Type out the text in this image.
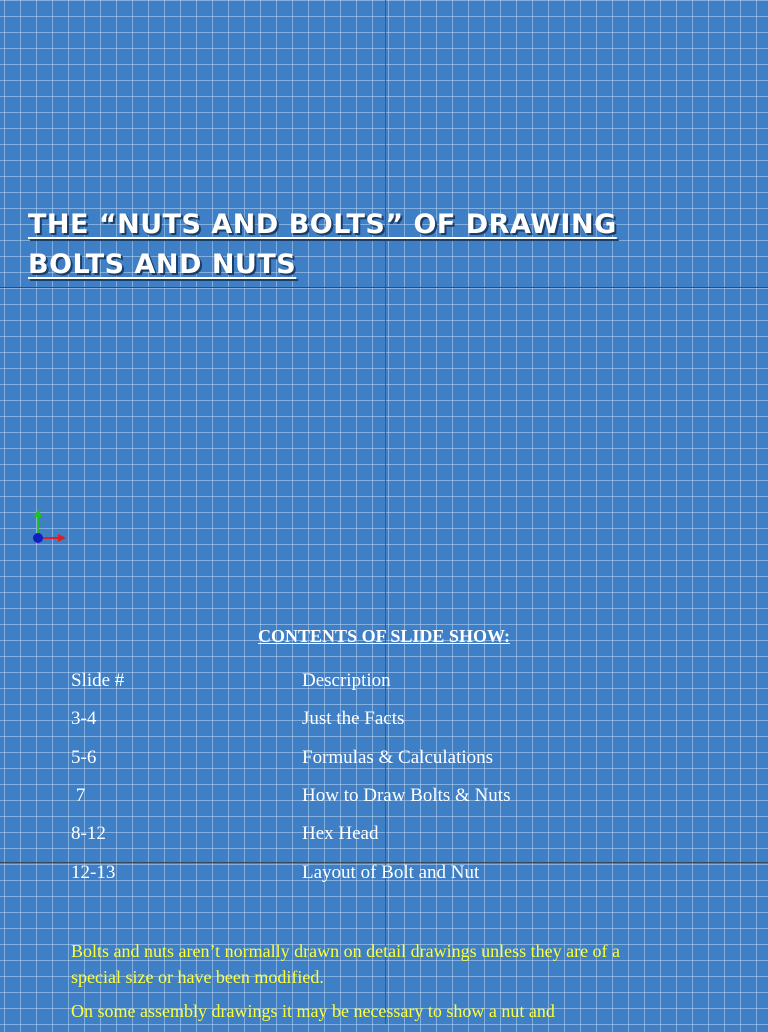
THE “NUTS AND BOLTS” OF DRAWING BOLTS AND NUTS
CONTENTS OF SLIDE SHOW:
Slide #	Description
3-4	Just the Facts
5-6	Formulas & Calculations
7	How to Draw Bolts & Nuts
8-12	Hex Head
12-13	Layout of Bolt and Nut

Bolts and nuts aren’t normally drawn on detail drawings unless they are of a special size or have been modified.

On some assembly drawings it may be necessary to show a nut and
